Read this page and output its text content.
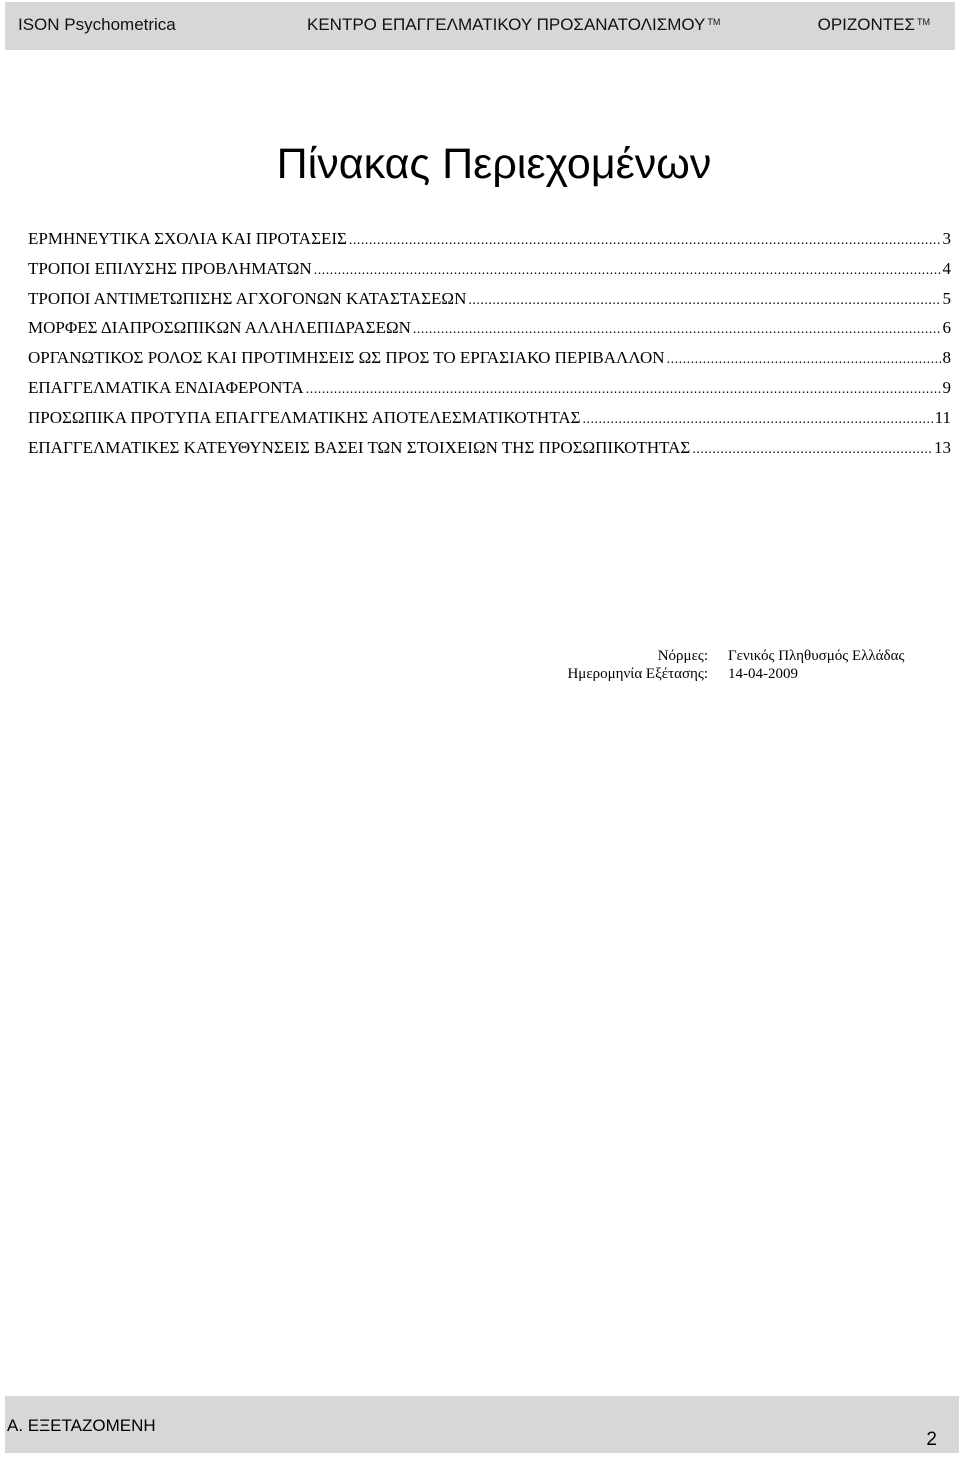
ISON Psychometrica	ΚΕΝΤΡΟ ΕΠΑΓΓΕΛΜΑΤΙΚΟΥ ΠΡΟΣΑΝΑΤΟΛΙΣΜΟΥ ™	ΟΡΙΖΟΝΤΕΣ ™
Πίνακας Περιεχομένων
ΕΡΜΗΝΕΥΤΙΚΑ ΣΧΟΛΙΑ ΚΑΙ ΠΡΟΤΑΣΕΙΣ .....	3
ΤΡΟΠΟΙ ΕΠΙΛΥΣΗΣ ΠΡΟΒΛΗΜΑΤΩΝ .....	4
ΤΡΟΠΟΙ ΑΝΤΙΜΕΤΩΠΙΣΗΣ ΑΓΧΟΓΟΝΩΝ ΚΑΤΑΣΤΑΣΕΩΝ .....	5
ΜΟΡΦΕΣ ΔΙΑΠΡΟΣΩΠΙΚΩΝ ΑΛΛΗΛΕΠΙΔΡΑΣΕΩΝ .....	6
ΟΡΓΑΝΩΤΙΚΟΣ ΡΟΛΟΣ ΚΑΙ ΠΡΟΤΙΜΗΣΕΙΣ ΩΣ ΠΡΟΣ ΤΟ ΕΡΓΑΣΙΑΚΟ ΠΕΡΙΒΑΛΛΟΝ .....	8
ΕΠΑΓΓΕΛΜΑΤΙΚΑ ΕΝΔΙΑΦΕΡΟΝΤΑ .....	9
ΠΡΟΣΩΠΙΚΑ ΠΡΟΤΥΠΑ ΕΠΑΓΓΕΛΜΑΤΙΚΗΣ ΑΠΟΤΕΛΕΣΜΑΤΙΚΟΤΗΤΑΣ .....	11
ΕΠΑΓΓΕΛΜΑΤΙΚΕΣ ΚΑΤΕΥΘΥΝΣΕΙΣ ΒΑΣΕΙ ΤΩΝ ΣΤΟΙΧΕΙΩΝ ΤΗΣ ΠΡΟΣΩΠΙΚΟΤΗΤΑΣ .....	13
Νόρμες:	Γενικός Πληθυσμός Ελλάδας
Ημερομηνία Εξέτασης:	14-04-2009
Α. ΕΞΕΤΑΖΟΜΕΝΗ
2
